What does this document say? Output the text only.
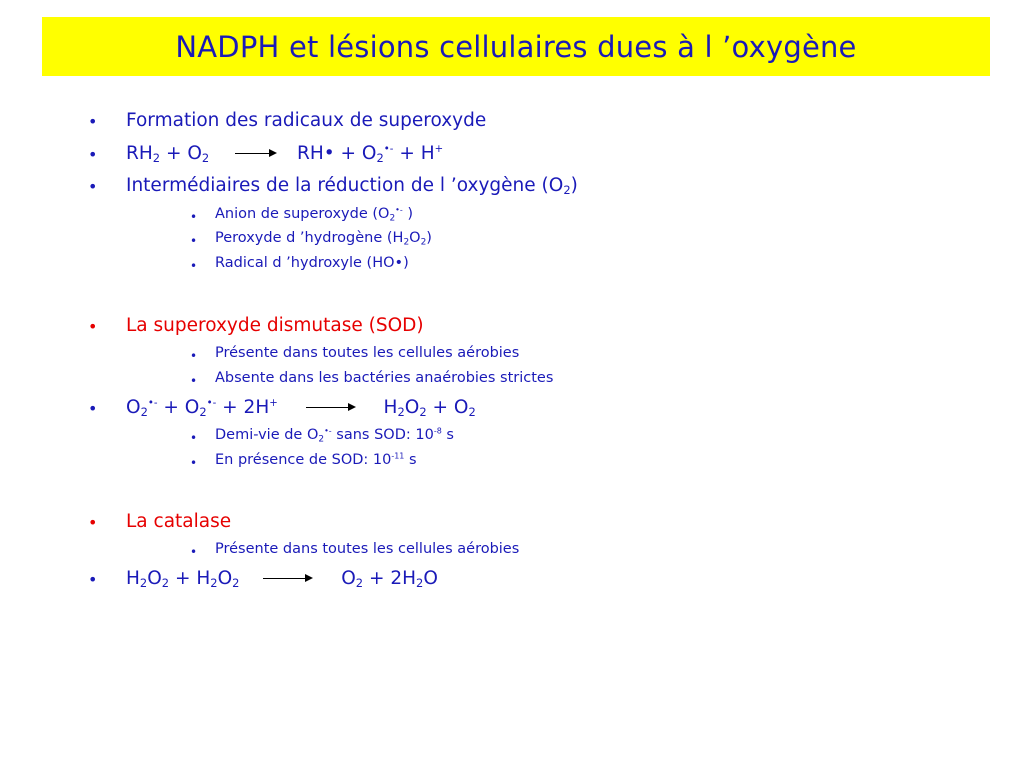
NADPH et lésions cellulaires dues à l ’oxygène
• Formation des radicaux de superoxyde
• $RH_2 + O_2$	RH• + $O_2^{•-} + H^+$
• Intermédiaires de la réduction de l ’oxygène $(O_2)$
• Anion de superoxyde ($O_2^{•-}$ )
• Peroxyde d ’hydrogène $(H_2O_2)$
• Radical d ’hydroxyle (HO•)
• La superoxyde dismutase (SOD)
• Présente dans toutes les cellules aérobies
• Absente dans les bactéries anaérobies strictes
• $O_2^{•-} + O_2^{•-} + 2H^+$	$H_2O_2 + O_2$
• Demi-vie de $O_2^{•-}$ sans SOD: $10^{-8}$ s
• En présence de SOD: $10^{-11}$ s
• La catalase
• Présente dans toutes les cellules aérobies
• $H_2O_2 + H_2O_2$	$O_2 + 2H_2O$
